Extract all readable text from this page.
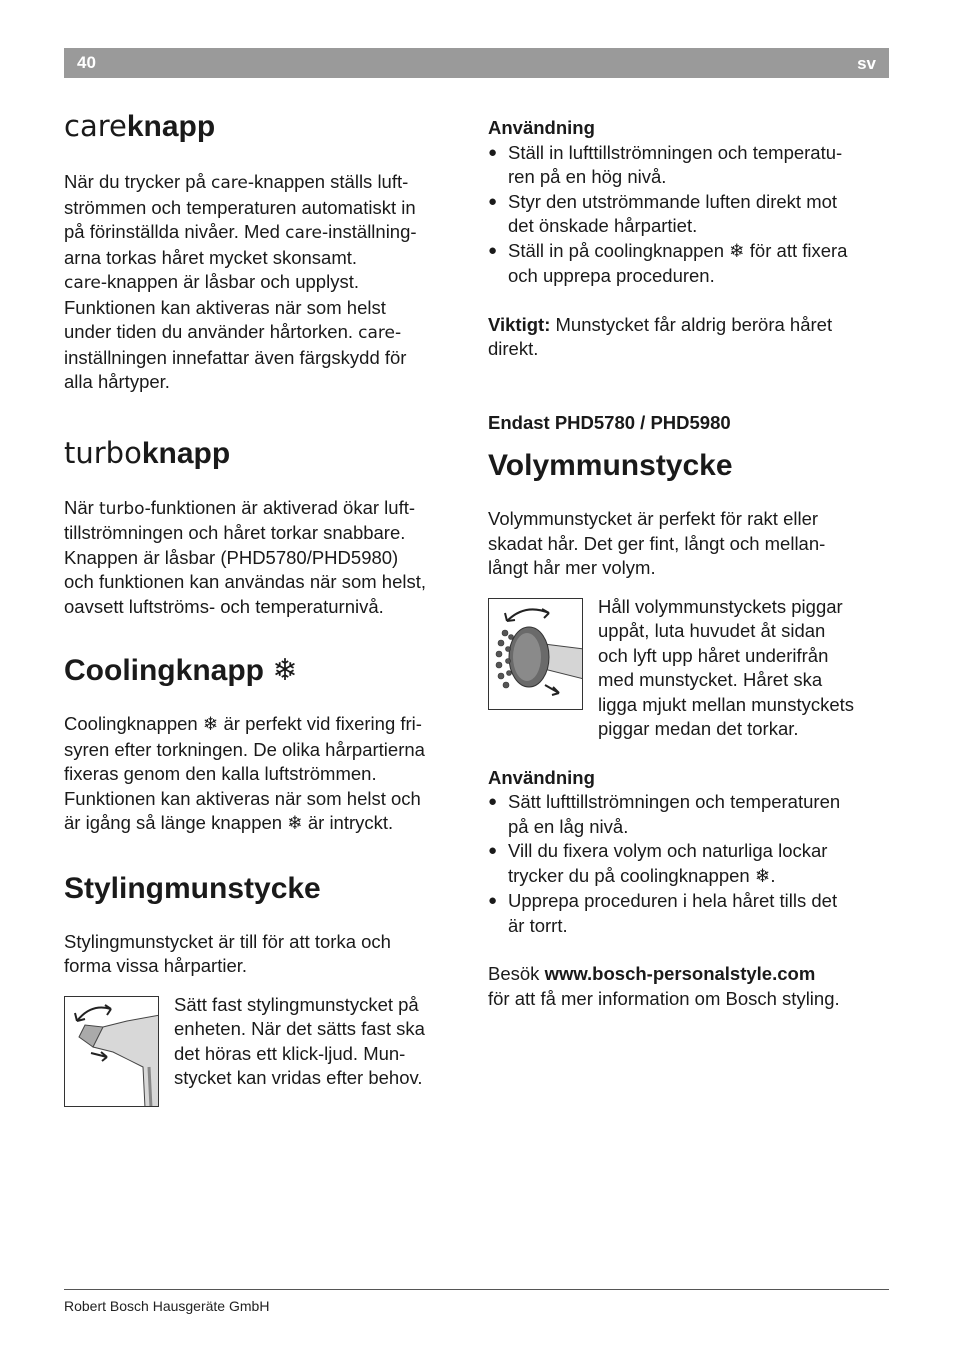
40	sv
careknapp

När du trycker på care-knappen ställs luft-

strömmen och temperaturen automatiskt in

på förinställda nivåer. Med care-inställning-

arna torkas håret mycket skonsamt.

care-knappen är låsbar och upplyst.

Funktionen kan aktiveras när som helst

under tiden du använder hårtorken. care-

inställningen innefattar även färgskydd för

alla hårtyper.

turboknapp

När turbo-funktionen är aktiverad ökar luft-

tillströmningen och håret torkar snabbare.

Knappen är låsbar (PHD5780/PHD5980)

och funktionen kan användas när som helst,

oavsett luftströms- och temperaturnivå.

Coolingknapp ❄

Coolingknappen ❄ är perfekt vid fixering fri-

syren efter torkningen. De olika hårpartierna

fixeras genom den kalla luftströmmen.

Funktionen kan aktiveras när som helst och

är igång så länge knappen ❄ är intryckt.

Stylingmunstycke

Stylingmunstycket är till för att torka och

forma vissa hårpartier.

Sätt fast stylingmunstycket på

enheten. När det sätts fast ska

det höras ett klick-ljud. Mun-

stycket kan vridas efter behov.

Användning
● Ställ in lufttillströmningen och temperatu-
ren på en hög nivå.
● Styr den utströmmande luften direkt mot
det önskade hårpartiet.
● Ställ in på coolingknappen ❄ för att fixera
och upprepa proceduren.

Viktigt: Munstycket får aldrig beröra håret
direkt.

Endast PHD5780 / PHD5980
Volymmunstycke

Volymmunstycket är perfekt för rakt eller

skadat hår. Det ger fint, långt och mellan-

långt hår mer volym.

Håll volymmunstyckets piggar

uppåt, luta huvudet åt sidan

och lyft upp håret underifrån

med munstycket. Håret ska

ligga mjukt mellan munstyckets

piggar medan det torkar.

Användning
● Sätt lufttillströmningen och temperaturen
på en låg nivå.
● Vill du fixera volym och naturliga lockar
trycker du på coolingknappen ❄.
● Upprepa proceduren i hela håret tills det
är torrt.

Besök www.bosch-personalstyle.com
för att få mer information om Bosch styling.

Robert Bosch Hausgeräte GmbH
